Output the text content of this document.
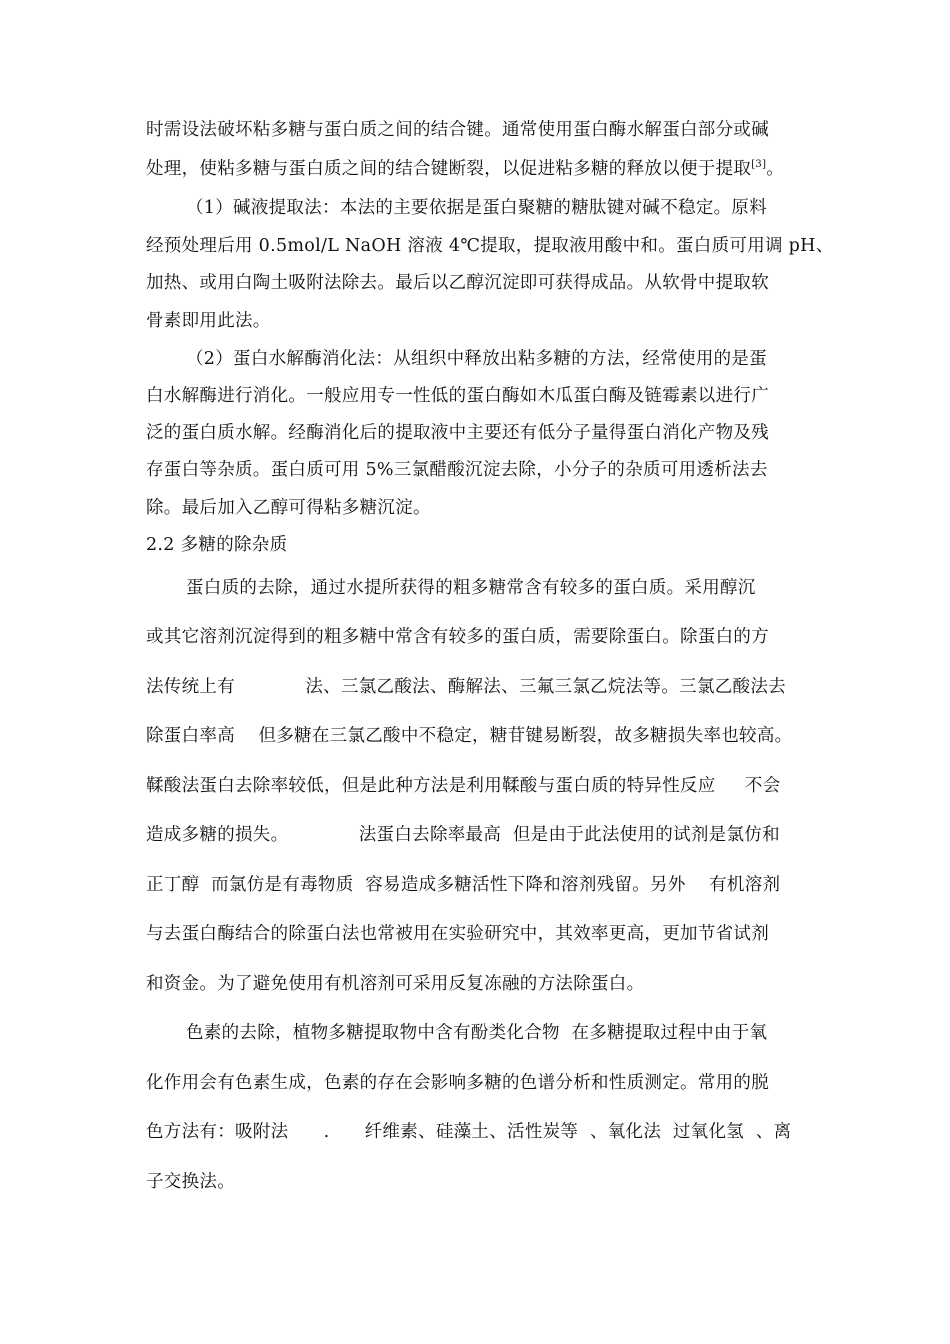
时需设法破坏粘多糖与蛋白质之间的结合键。通常使用蛋白酶水解蛋白部分或碱
处理，使粘多糖与蛋白质之间的结合键断裂，以促进粘多糖的释放以便于提取[3]。
（1）碱液提取法：本法的主要依据是蛋白聚糖的糖肽键对碱不稳定。原料
经预处理后用 0.5mol/L NaOH 溶液 4℃提取，提取液用酸中和。蛋白质可用调 pH、
加热、或用白陶土吸附法除去。最后以乙醇沉淀即可获得成品。从软骨中提取软
骨素即用此法。
（2）蛋白水解酶消化法：从组织中释放出粘多糖的方法，经常使用的是蛋
白水解酶进行消化。一般应用专一性低的蛋白酶如木瓜蛋白酶及链霉素以进行广
泛的蛋白质水解。经酶消化后的提取液中主要还有低分子量得蛋白消化产物及残
存蛋白等杂质。蛋白质可用 5%三氯醋酸沉淀去除，小分子的杂质可用透析法去
除。最后加入乙醇可得粘多糖沉淀。
2.2 多糖的除杂质
蛋白质的去除，通过水提所获得的粗多糖常含有较多的蛋白质。采用醇沉
或其它溶剂沉淀得到的粗多糖中常含有较多的蛋白质，需要除蛋白。除蛋白的方
法传统上有            法、三氯乙酸法、酶解法、三氟三氯乙烷法等。三氯乙酸法去
除蛋白率高    但多糖在三氯乙酸中不稳定，糖苷键易断裂，故多糖损失率也较高。
鞣酸法蛋白去除率较低，但是此种方法是利用鞣酸与蛋白质的特异性反应     不会
造成多糖的损失。            法蛋白去除率最高  但是由于此法使用的试剂是氯仿和
正丁醇  而氯仿是有毒物质  容易造成多糖活性下降和溶剂残留。另外    有机溶剂
与去蛋白酶结合的除蛋白法也常被用在实验研究中，其效率更高，更加节省试剂
和资金。为了避免使用有机溶剂可采用反复冻融的方法除蛋白。
色素的去除，植物多糖提取物中含有酚类化合物  在多糖提取过程中由于氧
化作用会有色素生成，色素的存在会影响多糖的色谱分析和性质测定。常用的脱
色方法有：吸附法      .      纤维素、硅藻土、活性炭等  、氧化法  过氧化氢  、离
子交换法。
